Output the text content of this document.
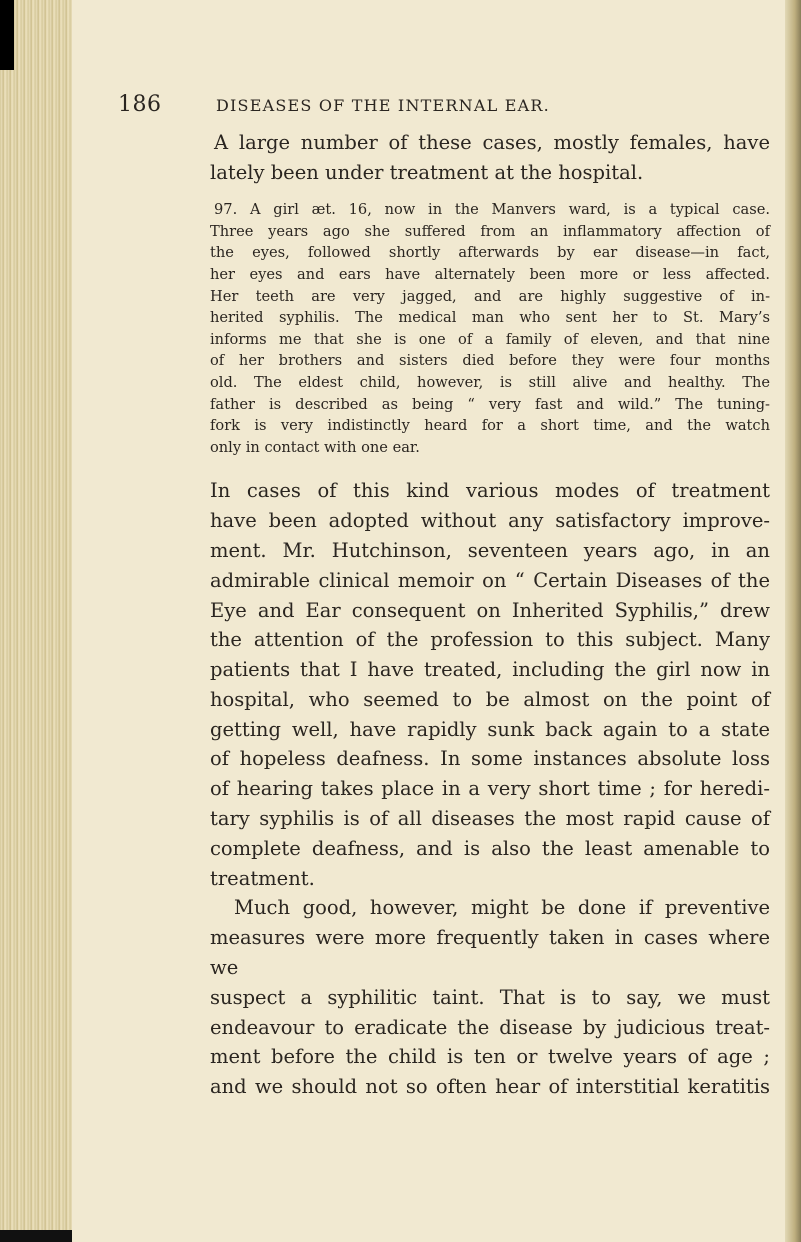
186	DISEASES OF THE INTERNAL EAR.
A large number of these cases, mostly females, have
lately been under treatment at the hospital.
97. A girl æt. 16, now in the Manvers ward, is a typical case.
Three years ago she suffered from an inflammatory affection of
the eyes, followed shortly afterwards by ear disease—in fact,
her eyes and ears have alternately been more or less affected.
Her teeth are very jagged, and are highly suggestive of in-
herited syphilis. The medical man who sent her to St. Mary’s
informs me that she is one of a family of eleven, and that nine
of her brothers and sisters died before they were four months
old. The eldest child, however, is still alive and healthy. The
father is described as being “ very fast and wild.” The tuning-
fork is very indistinctly heard for a short time, and the watch
only in contact with one ear.
In cases of this kind various modes of treatment
have been adopted without any satisfactory improve-
ment. Mr. Hutchinson, seventeen years ago, in an
admirable clinical memoir on “ Certain Diseases of the
Eye and Ear consequent on Inherited Syphilis,” drew
the attention of the profession to this subject. Many
patients that I have treated, including the girl now in
hospital, who seemed to be almost on the point of
getting well, have rapidly sunk back again to a state
of hopeless deafness. In some instances absolute loss
of hearing takes place in a very short time ; for heredi-
tary syphilis is of all diseases the most rapid cause of
complete deafness, and is also the least amenable to
treatment.
Much good, however, might be done if preventive
measures were more frequently taken in cases where we
suspect a syphilitic taint. That is to say, we must
endeavour to eradicate the disease by judicious treat-
ment before the child is ten or twelve years of age ;
and we should not so often hear of interstitial keratitis
